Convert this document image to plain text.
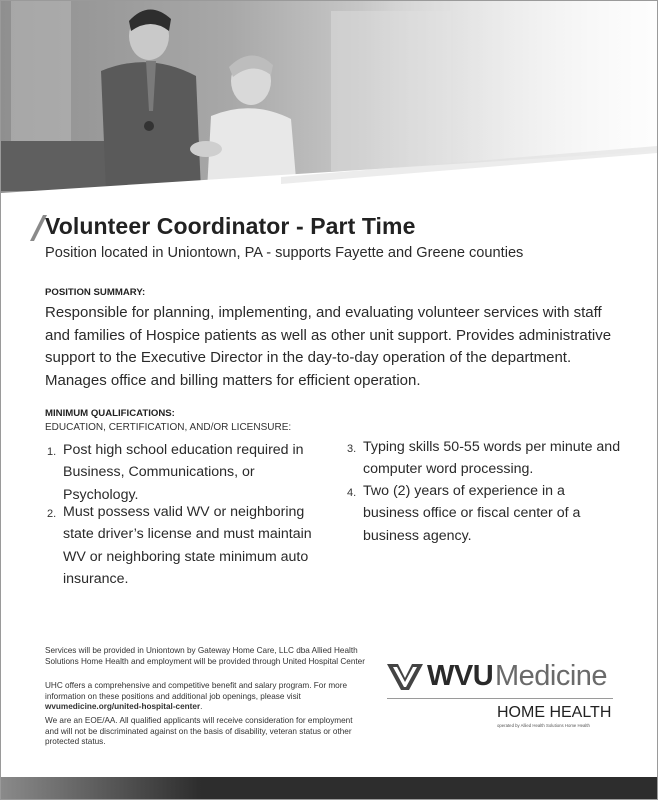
Volunteer Coordinator - Part Time

Position located in Uniontown, PA - supports Fayette and Greene counties

POSITION SUMMARY:

Responsible for planning, implementing, and evaluating volunteer services with staff and families of Hospice patients as well as other unit support. Provides administrative support to the Executive Director in the day-to-day operation of the department. Manages office and billing matters for efficient operation.

MINIMUM QUALIFICATIONS:

EDUCATION, CERTIFICATION, AND/OR LICENSURE:

1. Post high school education required in Business, Communications, or Psychology.
2. Must possess valid WV or neighboring state driver’s license and must maintain WV or neighboring state minimum auto insurance.
3. Typing skills 50-55 words per minute and computer word processing.
4. Two (2) years of experience in a business office or fiscal center of a business agency.

Services will be provided in Uniontown by Gateway Home Care, LLC dba Allied Health Solutions Home Health and employment will be provided through United Hospital Center

UHC offers a comprehensive and competitive benefit and salary program. For more information on these positions and additional job openings, please visit wvumedicine.org/united-hospital-center.

We are an EOE/AA. All qualified applicants will receive consideration for employment and will not be discriminated against on the basis of disability, veteran status or other protected status.

WVU Medicine
HOME HEALTH
operated by Allied Health Solutions Home Health
